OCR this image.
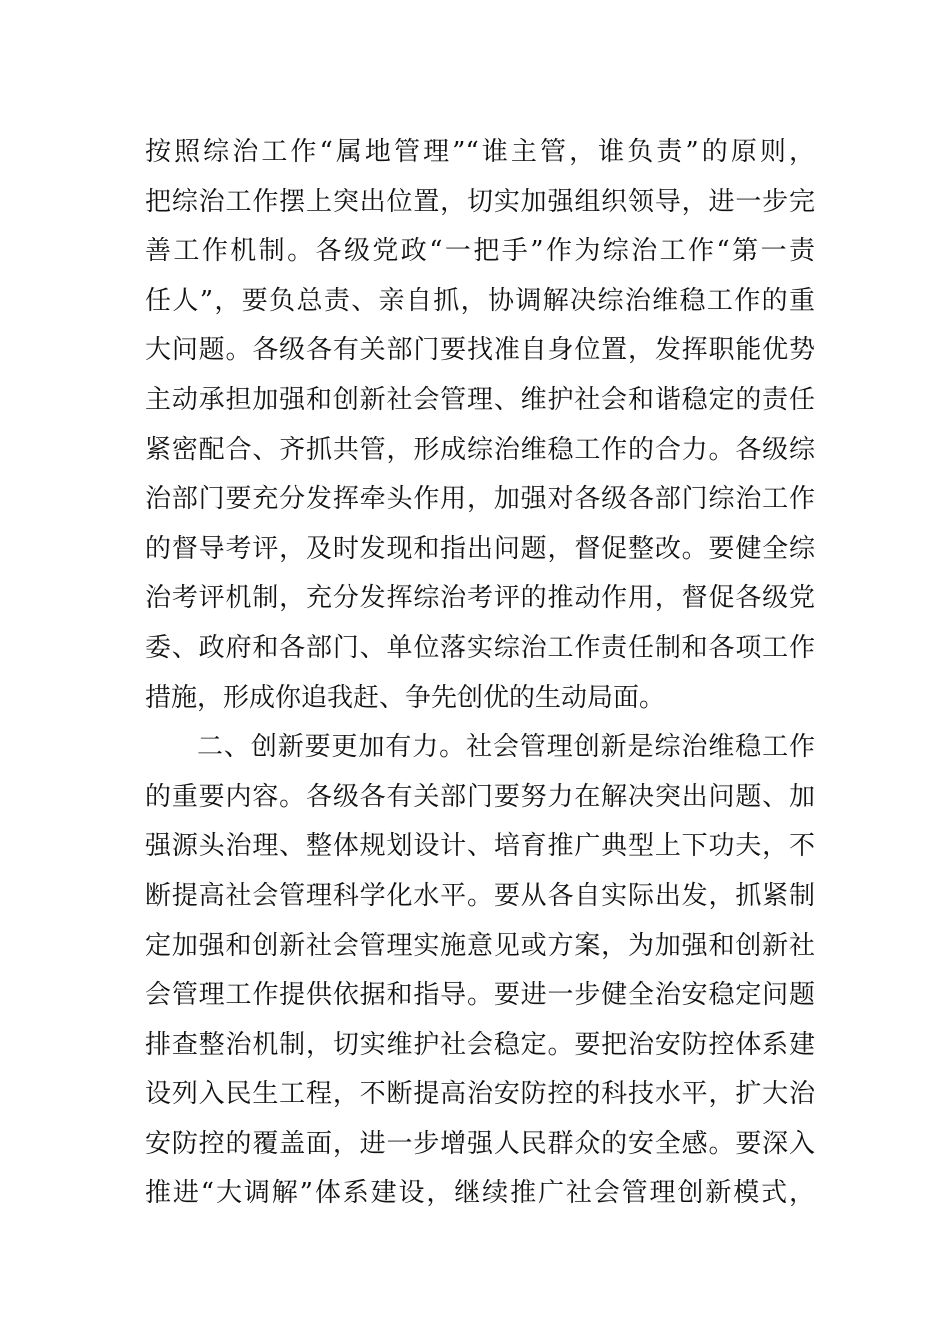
按照综治工作“属地管理”“谁主管，谁负责”的原则，
把综治工作摆上突出位置，切实加强组织领导，进一步完
善工作机制。各级党政“一把手”作为综治工作“第一责
任人”，要负总责、亲自抓，协调解决综治维稳工作的重
大问题。各级各有关部门要找准自身位置，发挥职能优势
主动承担加强和创新社会管理、维护社会和谐稳定的责任
紧密配合、齐抓共管，形成综治维稳工作的合力。各级综
治部门要充分发挥牵头作用，加强对各级各部门综治工作
的督导考评，及时发现和指出问题，督促整改。要健全综
治考评机制，充分发挥综治考评的推动作用，督促各级党
委、政府和各部门、单位落实综治工作责任制和各项工作
措施，形成你追我赶、争先创优的生动局面。
二、创新要更加有力。社会管理创新是综治维稳工作
的重要内容。各级各有关部门要努力在解决突出问题、加
强源头治理、整体规划设计、培育推广典型上下功夫，不
断提高社会管理科学化水平。要从各自实际出发，抓紧制
定加强和创新社会管理实施意见或方案，为加强和创新社
会管理工作提供依据和指导。要进一步健全治安稳定问题
排查整治机制，切实维护社会稳定。要把治安防控体系建
设列入民生工程，不断提高治安防控的科技水平，扩大治
安防控的覆盖面，进一步增强人民群众的安全感。要深入
推进“大调解”体系建设，继续推广社会管理创新模式，
